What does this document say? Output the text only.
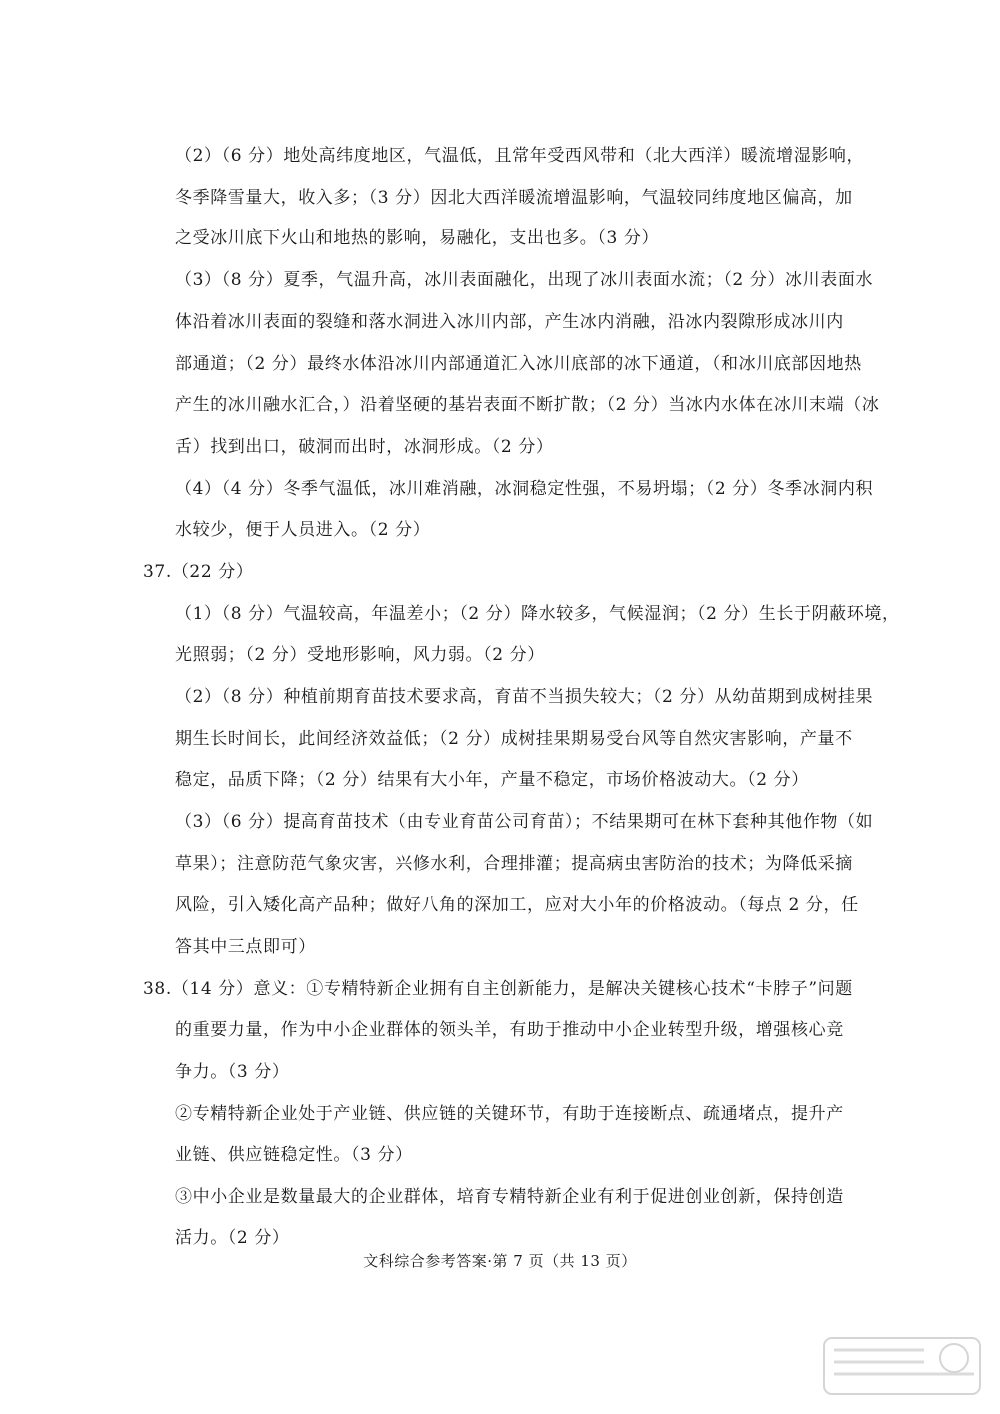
（2）（6 分）地处高纬度地区，气温低，且常年受西风带和（北大西洋）暖流增湿影响，
冬季降雪量大，收入多；（3 分）因北大西洋暖流增温影响，气温较同纬度地区偏高，加
之受冰川底下火山和地热的影响，易融化，支出也多。（3 分）
（3）（8 分）夏季，气温升高，冰川表面融化，出现了冰川表面水流；（2 分）冰川表面水
体沿着冰川表面的裂缝和落水洞进入冰川内部，产生冰内消融，沿冰内裂隙形成冰川内
部通道；（2 分）最终水体沿冰川内部通道汇入冰川底部的冰下通道，（和冰川底部因地热
产生的冰川融水汇合，）沿着坚硬的基岩表面不断扩散；（2 分）当冰内水体在冰川末端（冰
舌）找到出口，破洞而出时，冰洞形成。（2 分）
（4）（4 分）冬季气温低，冰川难消融，冰洞稳定性强，不易坍塌；（2 分）冬季冰洞内积
水较少，便于人员进入。（2 分）
37.（22 分）
（1）（8 分）气温较高，年温差小；（2 分）降水较多，气候湿润；（2 分）生长于阴蔽环境，
光照弱；（2 分）受地形影响，风力弱。（2 分）
（2）（8 分）种植前期育苗技术要求高，育苗不当损失较大；（2 分）从幼苗期到成树挂果
期生长时间长，此间经济效益低；（2 分）成树挂果期易受台风等自然灾害影响，产量不
稳定，品质下降；（2 分）结果有大小年，产量不稳定，市场价格波动大。（2 分）
（3）（6 分）提高育苗技术（由专业育苗公司育苗）；不结果期可在林下套种其他作物（如
草果）；注意防范气象灾害，兴修水利，合理排灌；提高病虫害防治的技术；为降低采摘
风险，引入矮化高产品种；做好八角的深加工，应对大小年的价格波动。（每点 2 分，任
答其中三点即可）
38.（14 分）意义：①专精特新企业拥有自主创新能力，是解决关键核心技术“卡脖子”问题
的重要力量，作为中小企业群体的领头羊，有助于推动中小企业转型升级，增强核心竞
争力。（3 分）
②专精特新企业处于产业链、供应链的关键环节，有助于连接断点、疏通堵点，提升产
业链、供应链稳定性。（3 分）
③中小企业是数量最大的企业群体，培育专精特新企业有利于促进创业创新，保持创造
活力。（2 分）
文科综合参考答案·第 7 页（共 13 页）
